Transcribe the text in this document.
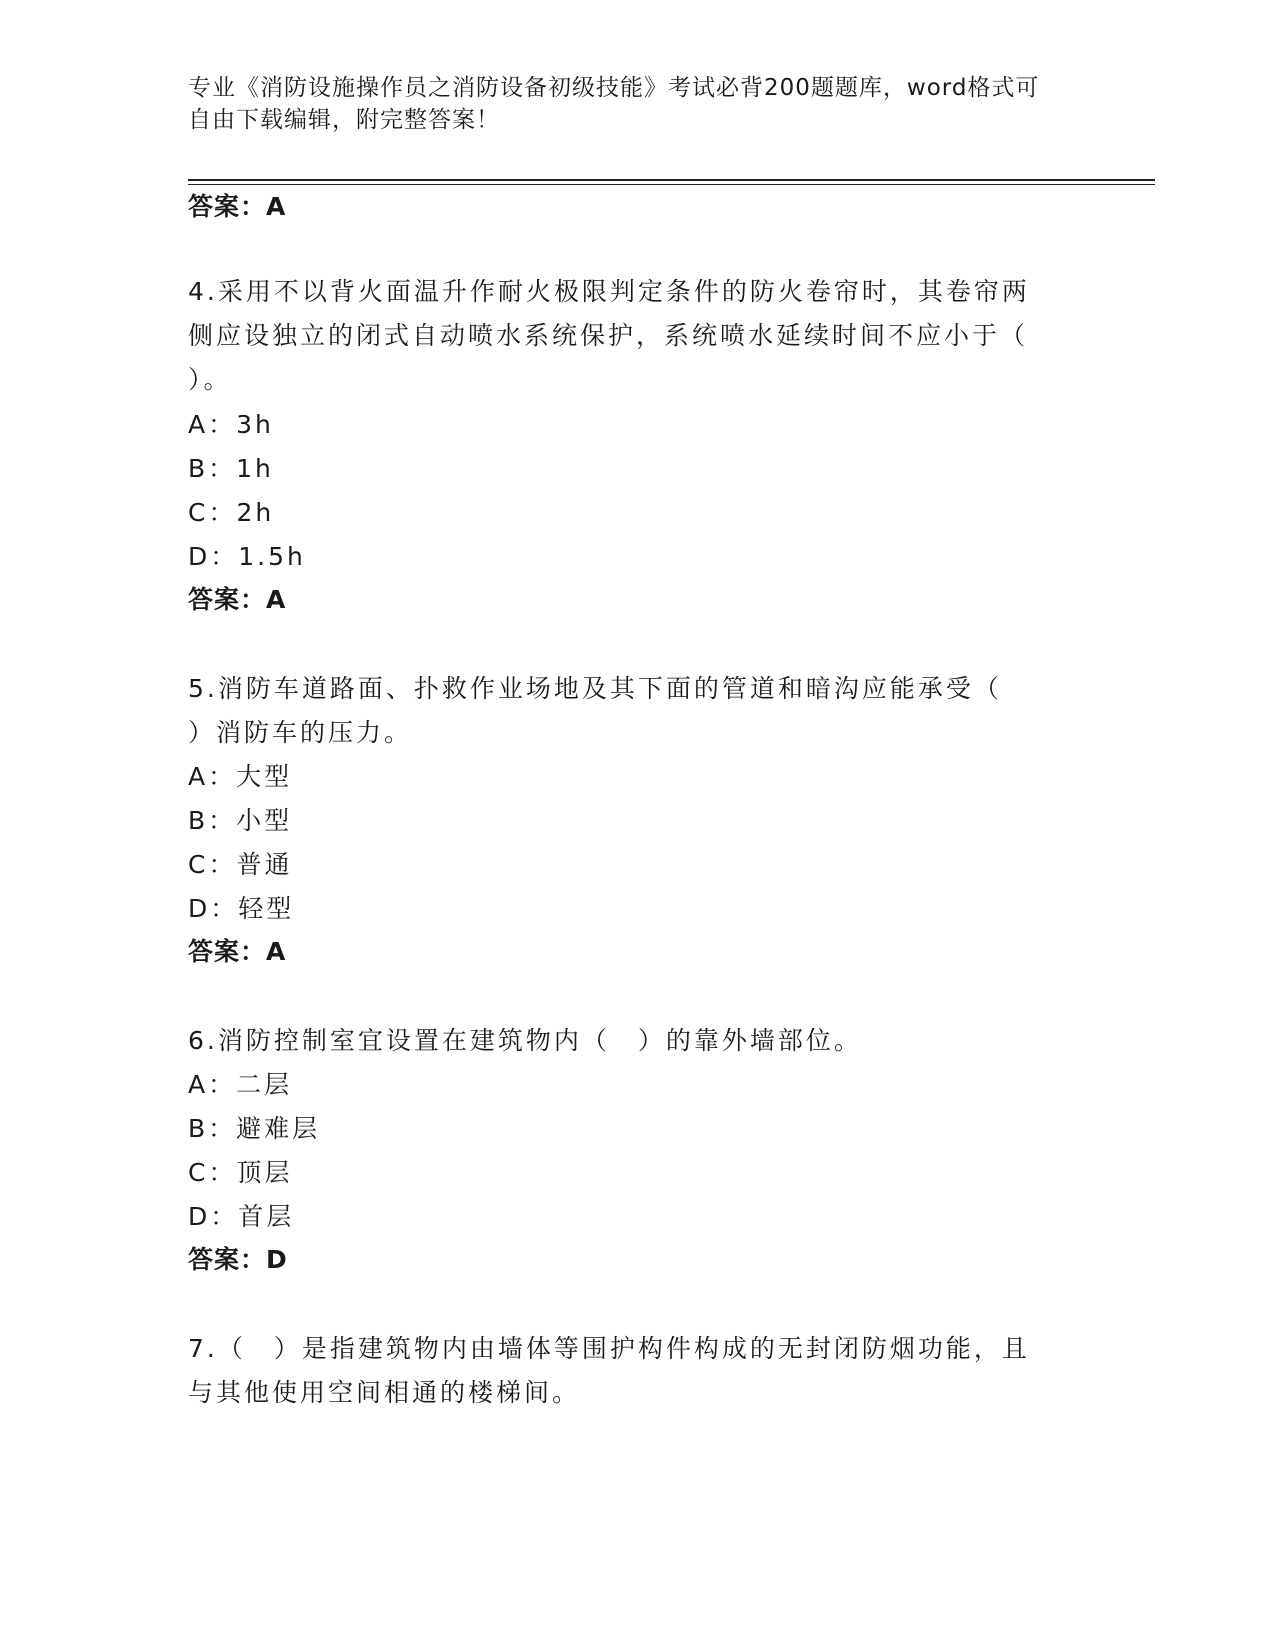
专业《消防设施操作员之消防设备初级技能》考试必背200题题库，word格式可
自由下载编辑，附完整答案！
答案：A
4.采用不以背火面温升作耐火极限判定条件的防火卷帘时，其卷帘两
侧应设独立的闭式自动喷水系统保护，系统喷水延续时间不应小于（
）。
A：3h
B：1h
C：2h
D：1.5h
答案：A
5.消防车道路面、扑救作业场地及其下面的管道和暗沟应能承受（
）消防车的压力。
A：大型
B：小型
C：普通
D：轻型
答案：A
6.消防控制室宜设置在建筑物内（　）的靠外墙部位。
A：二层
B：避难层
C：顶层
D：首层
答案：D
7.（　）是指建筑物内由墙体等围护构件构成的无封闭防烟功能，且
与其他使用空间相通的楼梯间。
